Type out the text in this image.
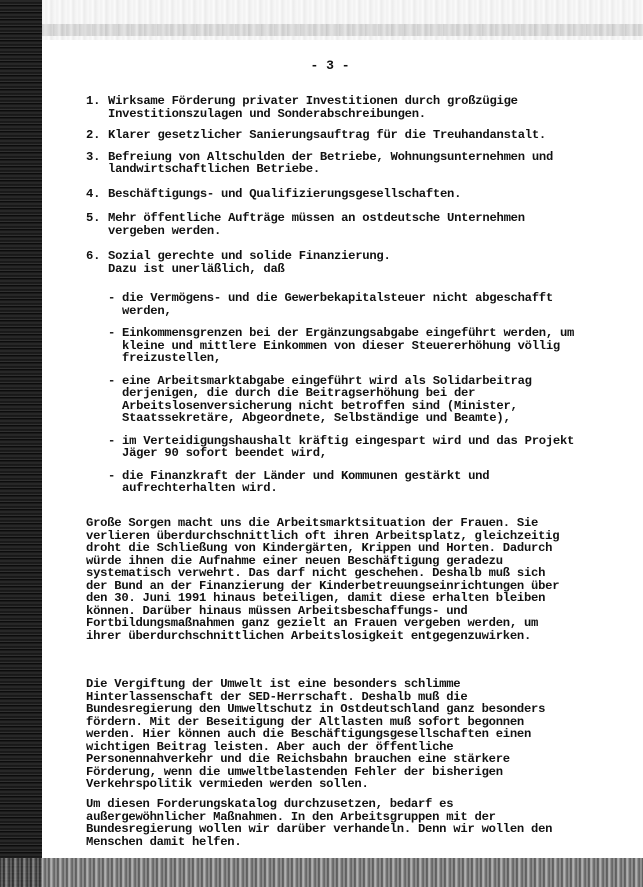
- 3 -
1. Wirksame Förderung privater Investitionen durch großzügige Investitionszulagen und Sonderabschreibungen.
2. Klarer gesetzlicher Sanierungsauftrag für die Treuhandanstalt.
3. Befreiung von Altschulden der Betriebe, Wohnungsunternehmen und landwirtschaftlichen Betriebe.
4. Beschäftigungs- und Qualifizierungsgesellschaften.
5. Mehr öffentliche Aufträge müssen an ostdeutsche Unternehmen vergeben werden.
6. Sozial gerechte und solide Finanzierung.
Dazu ist unerläßlich, daß
- die Vermögens- und die Gewerbekapitalsteuer nicht abgeschafft werden,
- Einkommensgrenzen bei der Ergänzungsabgabe eingeführt werden, um kleine und mittlere Einkommen von dieser Steuererhöhung völlig freizustellen,
- eine Arbeitsmarktabgabe eingeführt wird als Solidarbeitrag derjenigen, die durch die Beitragserhöhung bei der Arbeitslosenversicherung nicht betroffen sind (Minister, Staatssekretäre, Abgeordnete, Selbständige und Beamte),
- im Verteidigungshaushalt kräftig eingespart wird und das Projekt Jäger 90 sofort beendet wird,
- die Finanzkraft der Länder und Kommunen gestärkt und aufrechterhalten wird.

Große Sorgen macht uns die Arbeitsmarktsituation der Frauen. Sie verlieren überdurchschnittlich oft ihren Arbeitsplatz, gleichzeitig droht die Schließung von Kindergärten, Krippen und Horten. Dadurch würde ihnen die Aufnahme einer neuen Beschäftigung geradezu systematisch verwehrt. Das darf nicht geschehen. Deshalb muß sich der Bund an der Finanzierung der Kinderbetreuungseinrichtungen über den 30. Juni 1991 hinaus beteiligen, damit diese erhalten bleiben können. Darüber hinaus müssen Arbeitsbeschaffungs- und Fortbildungsmaßnahmen ganz gezielt an Frauen vergeben werden, um ihrer überdurchschnittlichen Arbeitslosigkeit entgegenzuwirken.

Die Vergiftung der Umwelt ist eine besonders schlimme Hinterlassenschaft der SED-Herrschaft. Deshalb muß die Bundesregierung den Umweltschutz in Ostdeutschland ganz besonders fördern. Mit der Beseitigung der Altlasten muß sofort begonnen werden. Hier können auch die Beschäftigungsgesellschaften einen wichtigen Beitrag leisten. Aber auch der öffentliche Personennahverkehr und die Reichsbahn brauchen eine stärkere Förderung, wenn die umweltbelastenden Fehler der bisherigen Verkehrspolitik vermieden werden sollen.

Um diesen Forderungskatalog durchzusetzen, bedarf es außergewöhnlicher Maßnahmen. In den Arbeitsgruppen mit der Bundesregierung wollen wir darüber verhandeln. Denn wir wollen den Menschen damit helfen.
